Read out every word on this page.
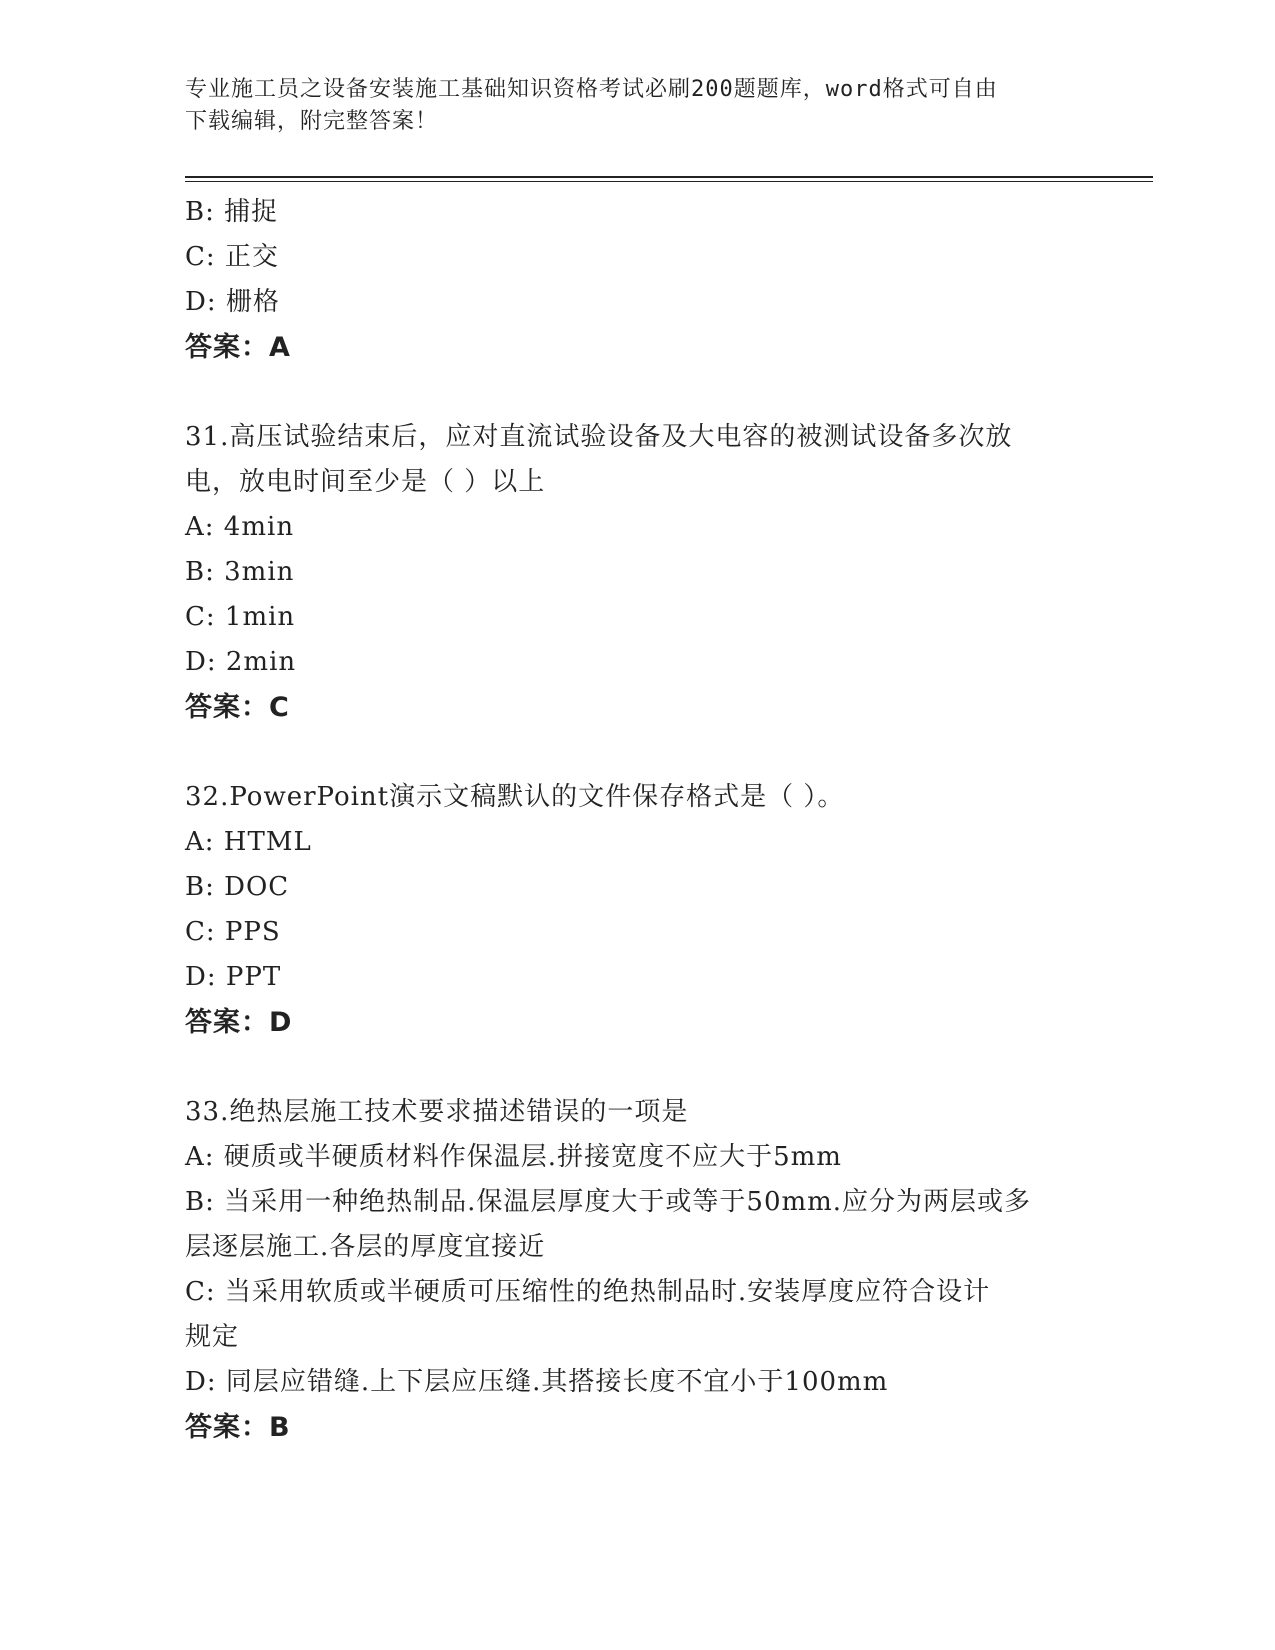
专业施工员之设备安装施工基础知识资格考试必刷200题题库，word格式可自由
下载编辑，附完整答案！
B: 捕捉
C: 正交
D: 栅格
答案：A
31.高压试验结束后，应对直流试验设备及大电容的被测试设备多次放
电，放电时间至少是（ ）以上
A: 4min
B: 3min
C: 1min
D: 2min
答案：C
32.PowerPoint演示文稿默认的文件保存格式是（ ）。
A: HTML
B: DOC
C: PPS
D: PPT
答案：D
33.绝热层施工技术要求描述错误的一项是
A: 硬质或半硬质材料作保温层.拼接宽度不应大于5mm
B: 当采用一种绝热制品.保温层厚度大于或等于50mm.应分为两层或多
层逐层施工.各层的厚度宜接近
C: 当采用软质或半硬质可压缩性的绝热制品时.安装厚度应符合设计
规定
D: 同层应错缝.上下层应压缝.其搭接长度不宜小于100mm
答案：B
